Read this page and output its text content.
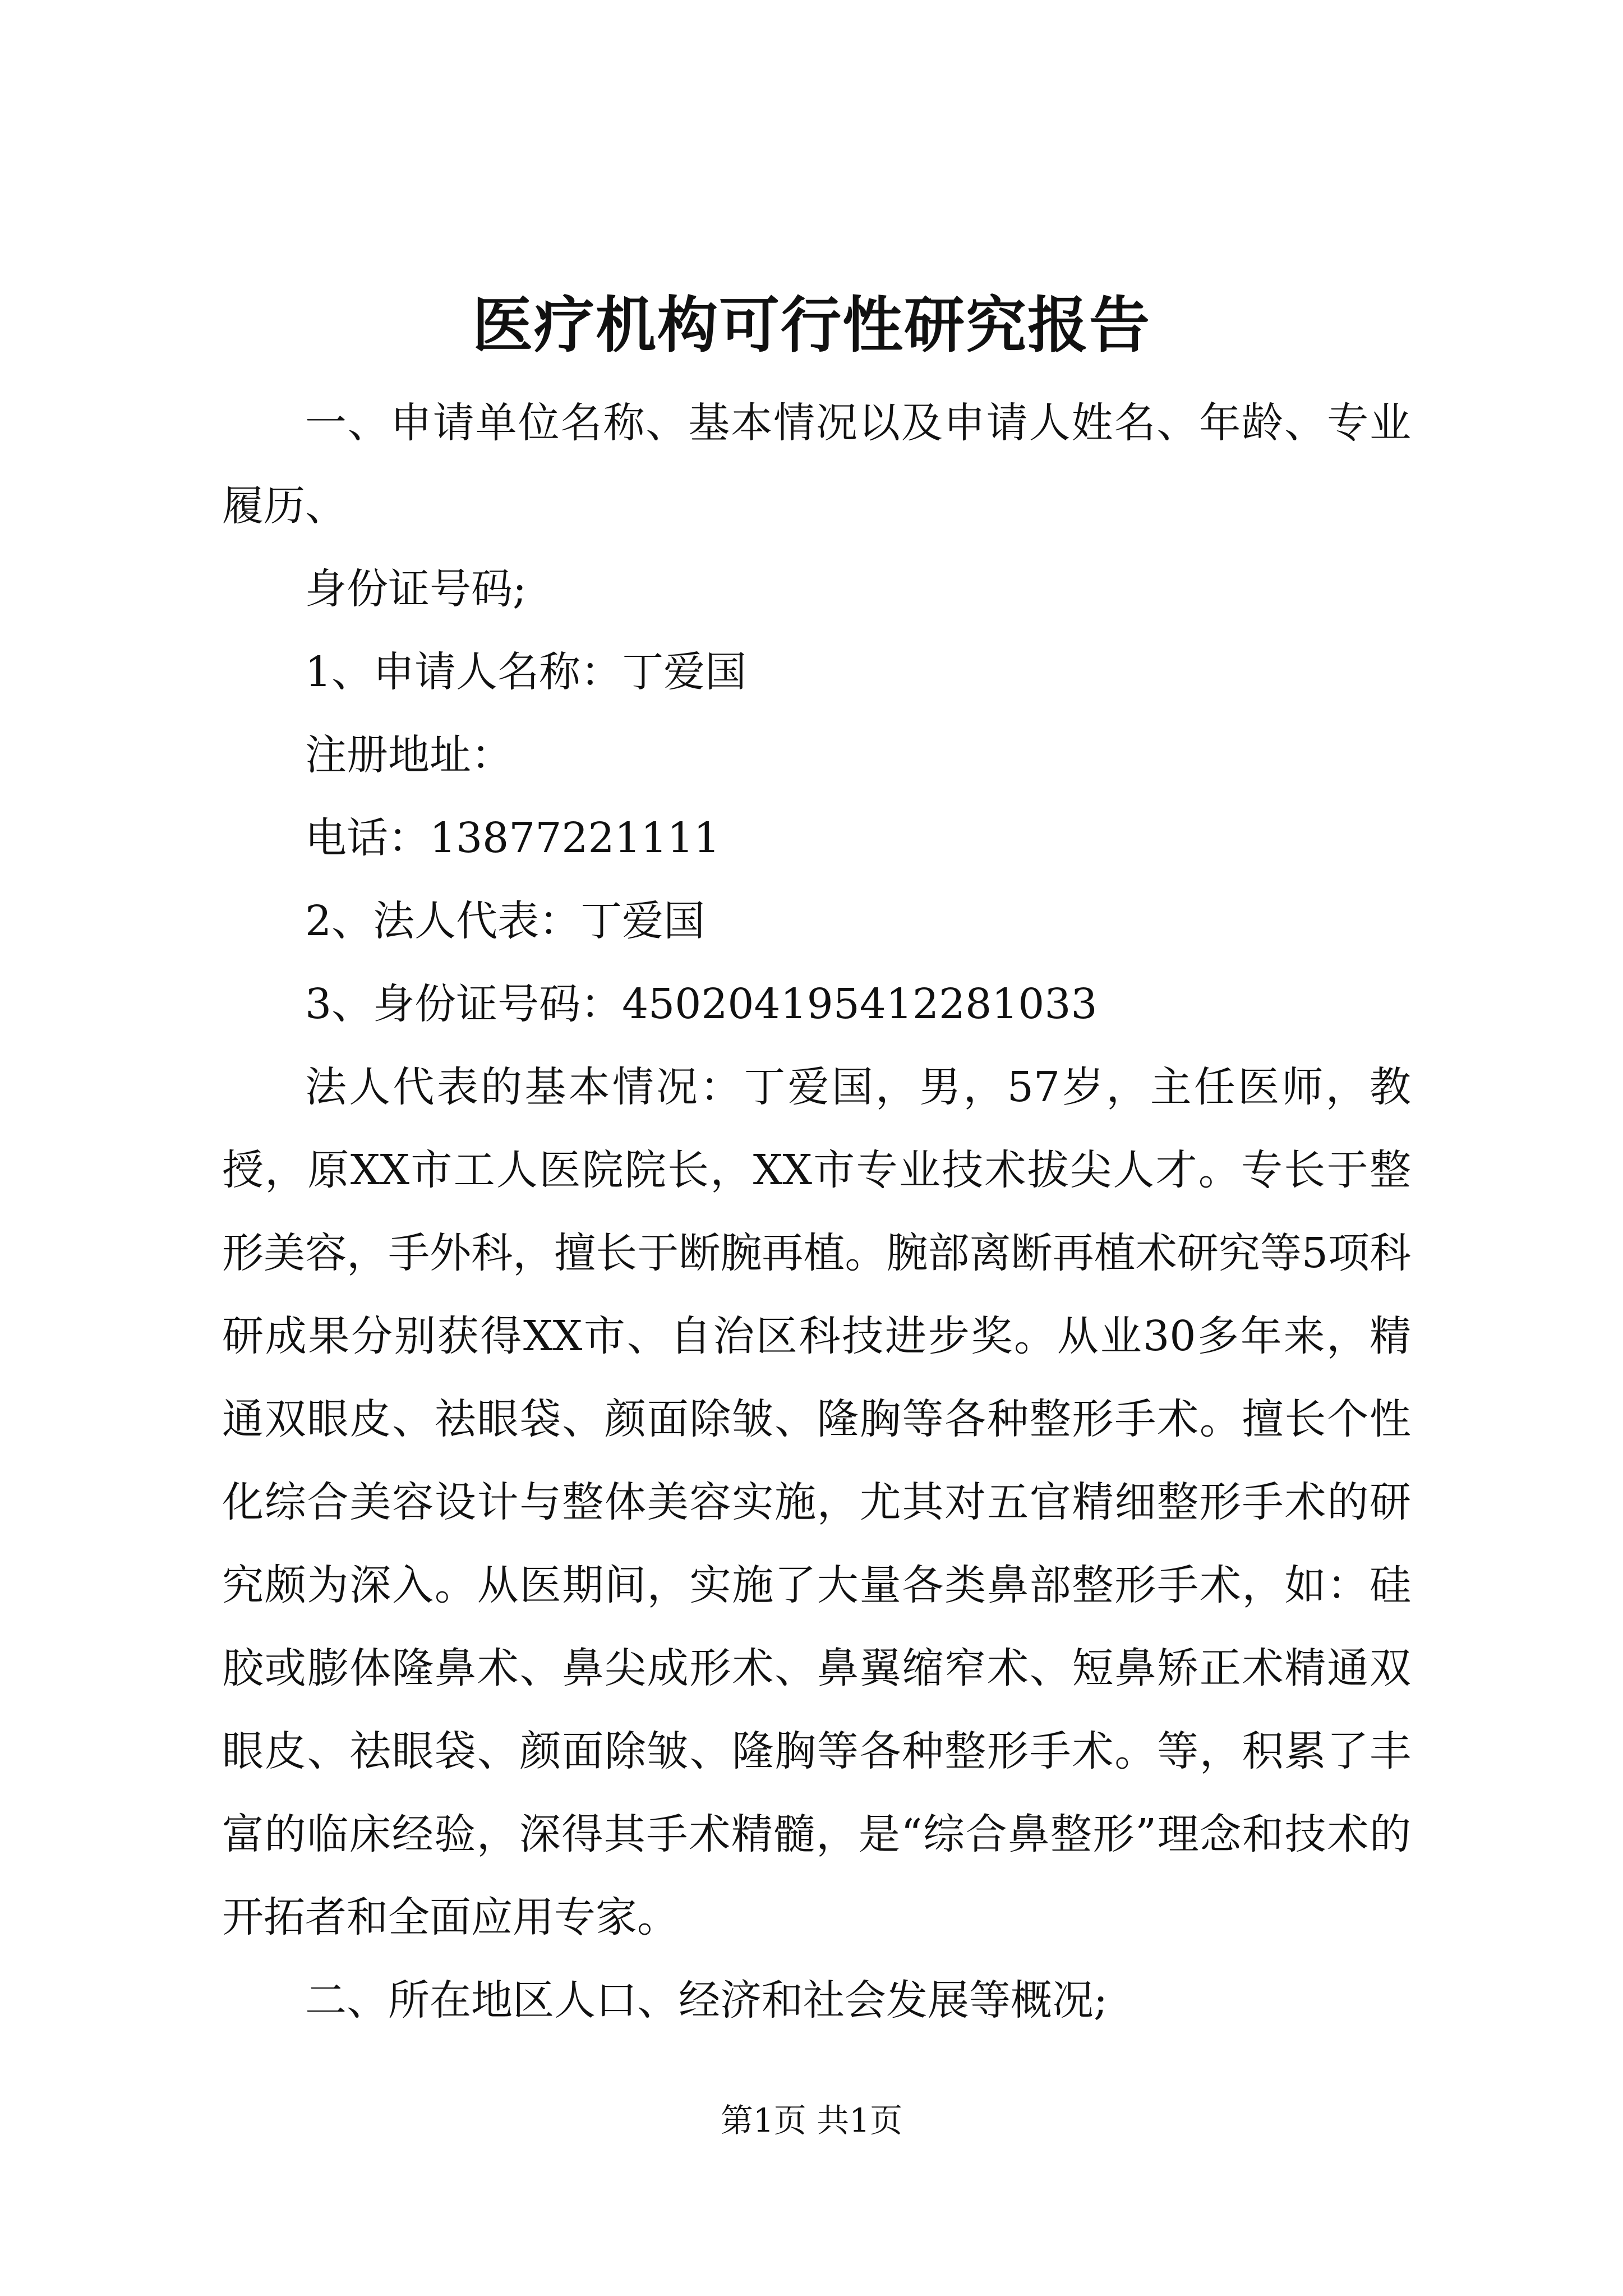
医疗机构可行性研究报告

一、申请单位名称、基本情况以及申请人姓名、年龄、专业履历、

身份证号码;

1、申请人名称：丁爱国

注册地址：

电话：13877221111

2、法人代表：丁爱国

3、身份证号码：450204195412281033

法人代表的基本情况：丁爱国，男，57岁，主任医师，教授，原XX市工人医院院长，XX市专业技术拔尖人才。专长于整形美容，手外科，擅长于断腕再植。腕部离断再植术研究等5项科研成果分别获得XX市、自治区科技进步奖。从业30多年来，精通双眼皮、祛眼袋、颜面除皱、隆胸等各种整形手术。擅长个性化综合美容设计与整体美容实施，尤其对五官精细整形手术的研究颇为深入。从医期间，实施了大量各类鼻部整形手术，如：硅胶或膨体隆鼻术、鼻尖成形术、鼻翼缩窄术、短鼻矫正术精通双眼皮、祛眼袋、颜面除皱、隆胸等各种整形手术。等，积累了丰富的临床经验，深得其手术精髓，是“综合鼻整形”理念和技术的开拓者和全面应用专家。

二、所在地区人口、经济和社会发展等概况;

第1页 共1页
